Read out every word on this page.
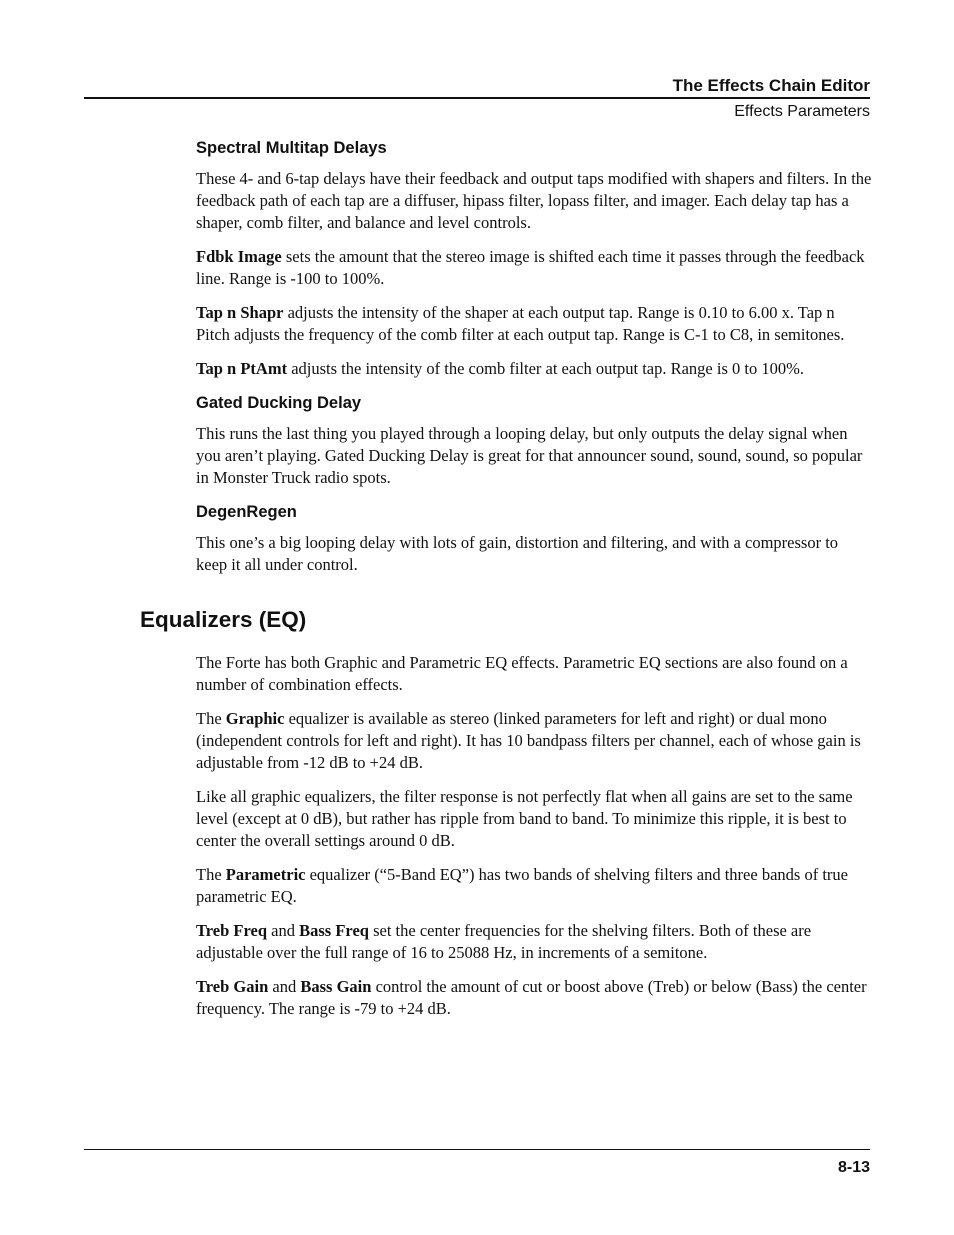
The Effects Chain Editor
Effects Parameters
Spectral Multitap Delays

These 4- and 6-tap delays have their feedback and output taps modified with shapers and filters. In the feedback path of each tap are a diffuser, hipass filter, lopass filter, and imager. Each delay tap has a shaper, comb filter, and balance and level controls.

Fdbk Image sets the amount that the stereo image is shifted each time it passes through the feedback line. Range is -100 to 100%.

Tap n Shapr adjusts the intensity of the shaper at each output tap. Range is 0.10 to 6.00 x. Tap n Pitch adjusts the frequency of the comb filter at each output tap. Range is C-1 to C8, in semitones.

Tap n PtAmt adjusts the intensity of the comb filter at each output tap. Range is 0 to 100%.

Gated Ducking Delay

This runs the last thing you played through a looping delay, but only outputs the delay signal when you aren’t playing. Gated Ducking Delay is great for that announcer sound, sound, sound, so popular in Monster Truck radio spots.

DegenRegen

This one’s a big looping delay with lots of gain, distortion and filtering, and with a compressor to keep it all under control.

Equalizers (EQ)

The Forte has both Graphic and Parametric EQ effects. Parametric EQ sections are also found on a number of combination effects.

The Graphic equalizer is available as stereo (linked parameters for left and right) or dual mono (independent controls for left and right). It has 10 bandpass filters per channel, each of whose gain is adjustable from -12 dB to +24 dB.

Like all graphic equalizers, the filter response is not perfectly flat when all gains are set to the same level (except at 0 dB), but rather has ripple from band to band. To minimize this ripple, it is best to center the overall settings around 0 dB.

The Parametric equalizer (“5-Band EQ”) has two bands of shelving filters and three bands of true parametric EQ.

Treb Freq and Bass Freq set the center frequencies for the shelving filters. Both of these are adjustable over the full range of 16 to 25088 Hz, in increments of a semitone.

Treb Gain and Bass Gain control the amount of cut or boost above (Treb) or below (Bass) the center frequency. The range is -79 to +24 dB.

8-13
